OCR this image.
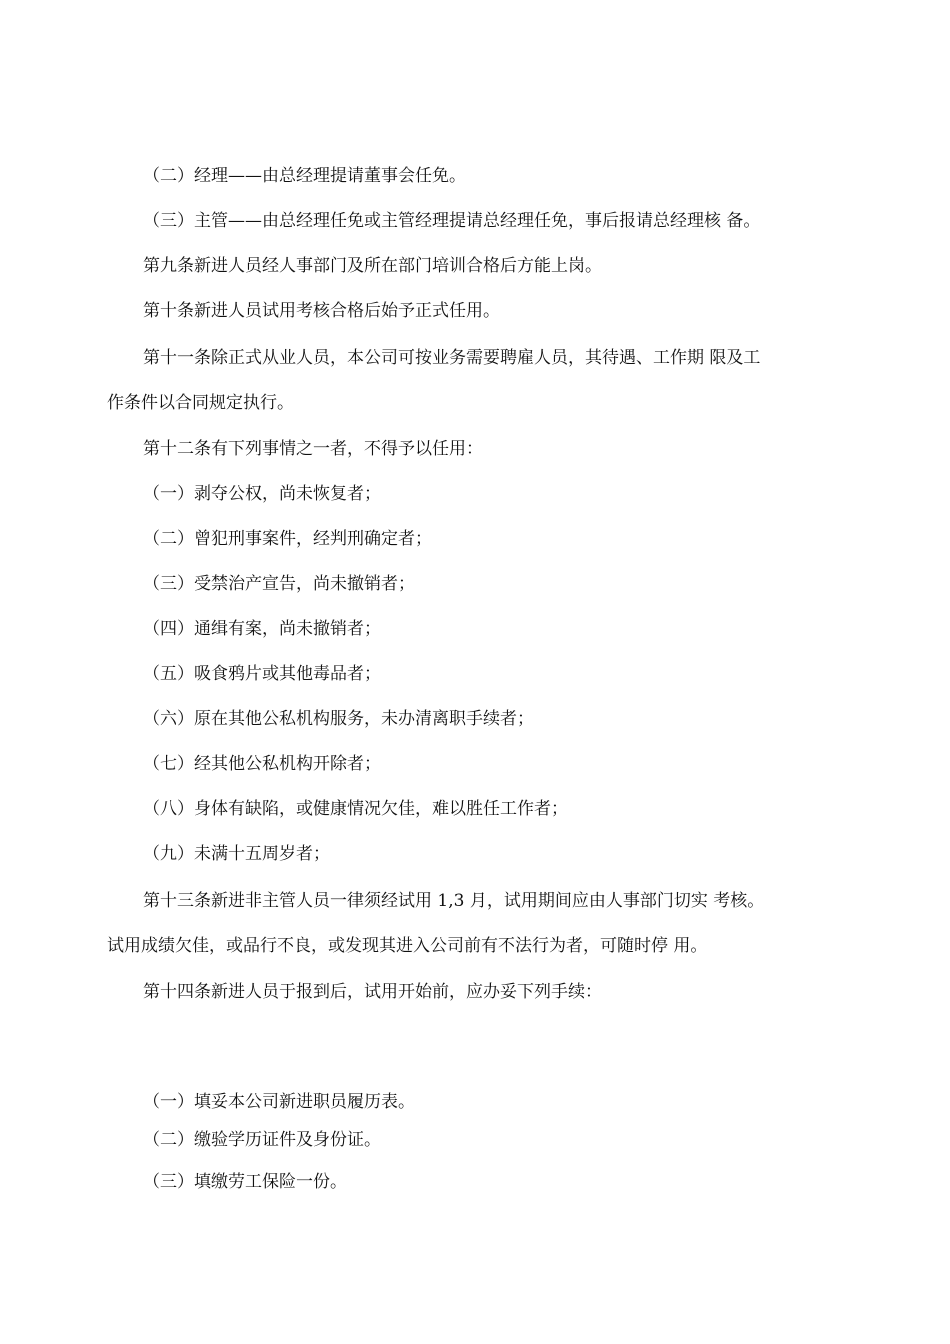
（二）经理——由总经理提请董事会任免。

（三）主管——由总经理任免或主管经理提请总经理任免，事后报请总经理核 备。

第九条新进人员经人事部门及所在部门培训合格后方能上岗。

第十条新进人员试用考核合格后始予正式任用。

第十一条除正式从业人员，本公司可按业务需要聘雇人员，其待遇、工作期 限及工

作条件以合同规定执行。

第十二条有下列事情之一者，不得予以任用：

（一）剥夺公权，尚未恢复者；

（二）曾犯刑事案件，经判刑确定者；

（三）受禁治产宣告，尚未撤销者；

（四）通缉有案，尚未撤销者；

（五）吸食鸦片或其他毒品者；

（六）原在其他公私机构服务，未办清离职手续者；

（七）经其他公私机构开除者；

（八）身体有缺陷，或健康情况欠佳，难以胜任工作者；

（九）未满十五周岁者；

第十三条新进非主管人员一律须经试用 1,3 月，试用期间应由人事部门切实 考核。

试用成绩欠佳，或品行不良，或发现其进入公司前有不法行为者，可随时停 用。

第十四条新进人员于报到后，试用开始前，应办妥下列手续：

（一）填妥本公司新进职员履历表。

（二）缴验学历证件及身份证。

（三）填缴劳工保险一份。
